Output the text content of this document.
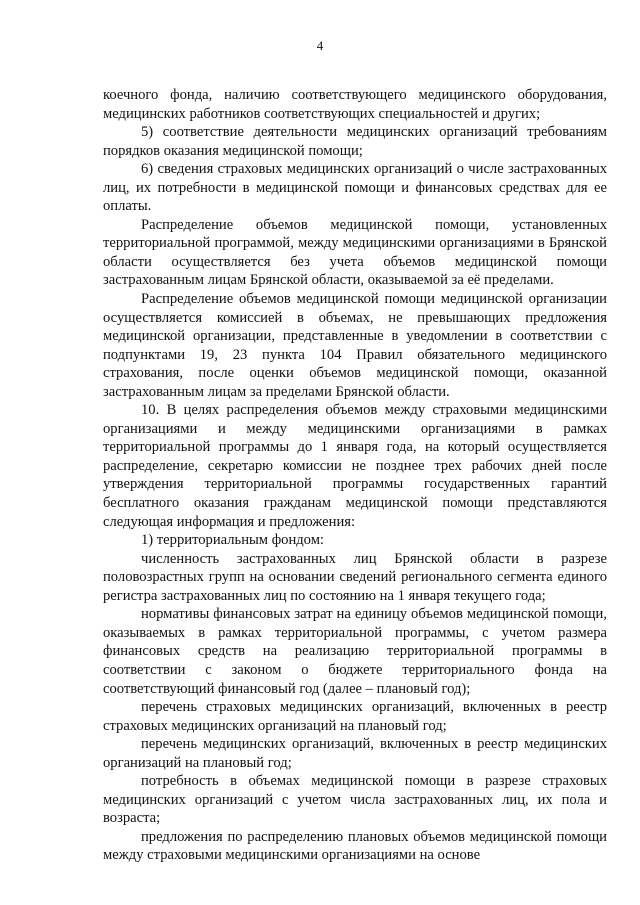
4

коечного фонда, наличию соответствующего медицинского оборудования, медицинских работников соответствующих специальностей и других;

5) соответствие деятельности медицинских организаций требованиям порядков оказания медицинской помощи;

6) сведения страховых медицинских организаций о числе застрахованных лиц, их потребности в медицинской помощи и финансовых средствах для ее оплаты.

Распределение объемов медицинской помощи, установленных территориальной программой, между медицинскими организациями в Брянской области осуществляется без учета объемов медицинской помощи застрахованным лицам Брянской области, оказываемой за её пределами.

Распределение объемов медицинской помощи медицинской организации осуществляется комиссией в объемах, не превышающих предложения медицинской организации, представленные в уведомлении в соответствии с подпунктами 19, 23 пункта 104 Правил обязательного медицинского страхования, после оценки объемов медицинской помощи, оказанной застрахованным лицам за пределами Брянской области.

10. В целях распределения объемов между страховыми медицинскими организациями и между медицинскими организациями в рамках территориальной программы до 1 января года, на который осуществляется распределение, секретарю комиссии не позднее трех рабочих дней после утверждения территориальной программы государственных гарантий бесплатного оказания гражданам медицинской помощи представляются следующая информация и предложения:

1) территориальным фондом:

численность застрахованных лиц Брянской области в разрезе половозрастных групп на основании сведений регионального сегмента единого регистра застрахованных лиц по состоянию на 1 января текущего года;

нормативы финансовых затрат на единицу объемов медицинской помощи, оказываемых в рамках территориальной программы, с учетом размера финансовых средств на реализацию территориальной программы в соответствии с законом о бюджете территориального фонда на соответствующий финансовый год (далее – плановый год);

перечень страховых медицинских организаций, включенных в реестр страховых медицинских организаций на плановый год;

перечень медицинских организаций, включенных в реестр медицинских организаций на плановый год;

потребность в объемах медицинской помощи в разрезе страховых медицинских организаций с учетом числа застрахованных лиц, их пола и возраста;

предложения по распределению плановых объемов медицинской помощи между страховыми медицинскими организациями на основе
